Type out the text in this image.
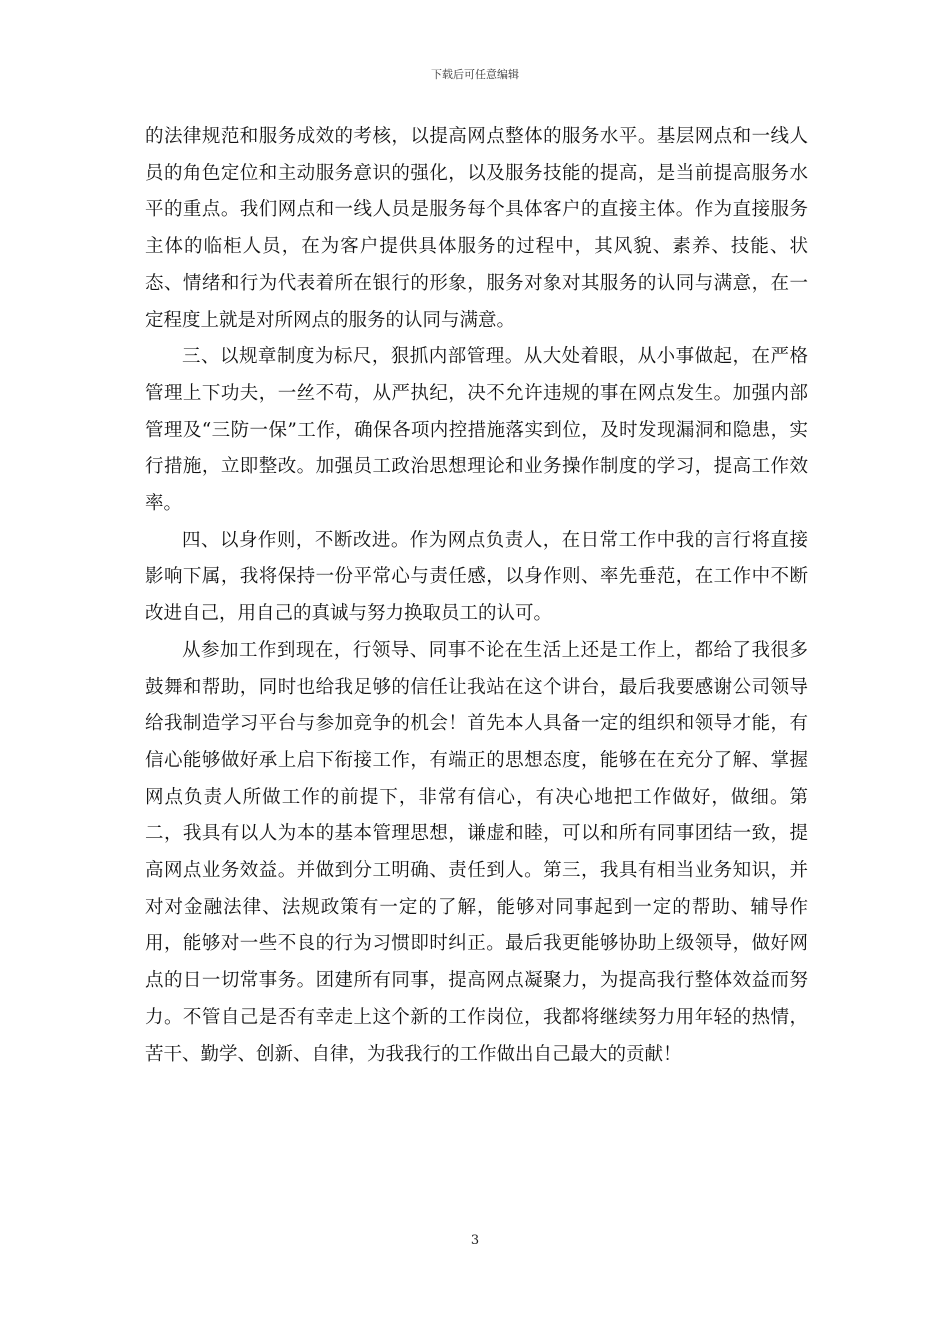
下载后可任意编辑

的法律规范和服务成效的考核，以提高网点整体的服务水平。基层网点和一线人员的角色定位和主动服务意识的强化，以及服务技能的提高，是当前提高服务水平的重点。我们网点和一线人员是服务每个具体客户的直接主体。作为直接服务主体的临柜人员，在为客户提供具体服务的过程中，其风貌、素养、技能、状态、情绪和行为代表着所在银行的形象，服务对象对其服务的认同与满意，在一定程度上就是对所网点的服务的认同与满意。

三、以规章制度为标尺，狠抓内部管理。从大处着眼，从小事做起，在严格管理上下功夫，一丝不苟，从严执纪，决不允许违规的事在网点发生。加强内部管理及“三防一保”工作，确保各项内控措施落实到位，及时发现漏洞和隐患，实行措施，立即整改。加强员工政治思想理论和业务操作制度的学习，提高工作效率。

四、以身作则，不断改进。作为网点负责人，在日常工作中我的言行将直接影响下属，我将保持一份平常心与责任感，以身作则、率先垂范，在工作中不断改进自己，用自己的真诚与努力换取员工的认可。

从参加工作到现在，行领导、同事不论在生活上还是工作上，都给了我很多鼓舞和帮助，同时也给我足够的信任让我站在这个讲台，最后我要感谢公司领导给我制造学习平台与参加竞争的机会！首先本人具备一定的组织和领导才能，有信心能够做好承上启下衔接工作，有端正的思想态度，能够在在充分了解、掌握网点负责人所做工作的前提下，非常有信心，有决心地把工作做好，做细。第二，我具有以人为本的基本管理思想，谦虚和睦，可以和所有同事团结一致，提高网点业务效益。并做到分工明确、责任到人。第三，我具有相当业务知识，并对对金融法律、法规政策有一定的了解，能够对同事起到一定的帮助、辅导作用，能够对一些不良的行为习惯即时纠正。最后我更能够协助上级领导，做好网点的日一切常事务。团建所有同事，提高网点凝聚力，为提高我行整体效益而努力。不管自己是否有幸走上这个新的工作岗位，我都将继续努力用年轻的热情，苦干、勤学、创新、自律，为我我行的工作做出自己最大的贡献！

3
